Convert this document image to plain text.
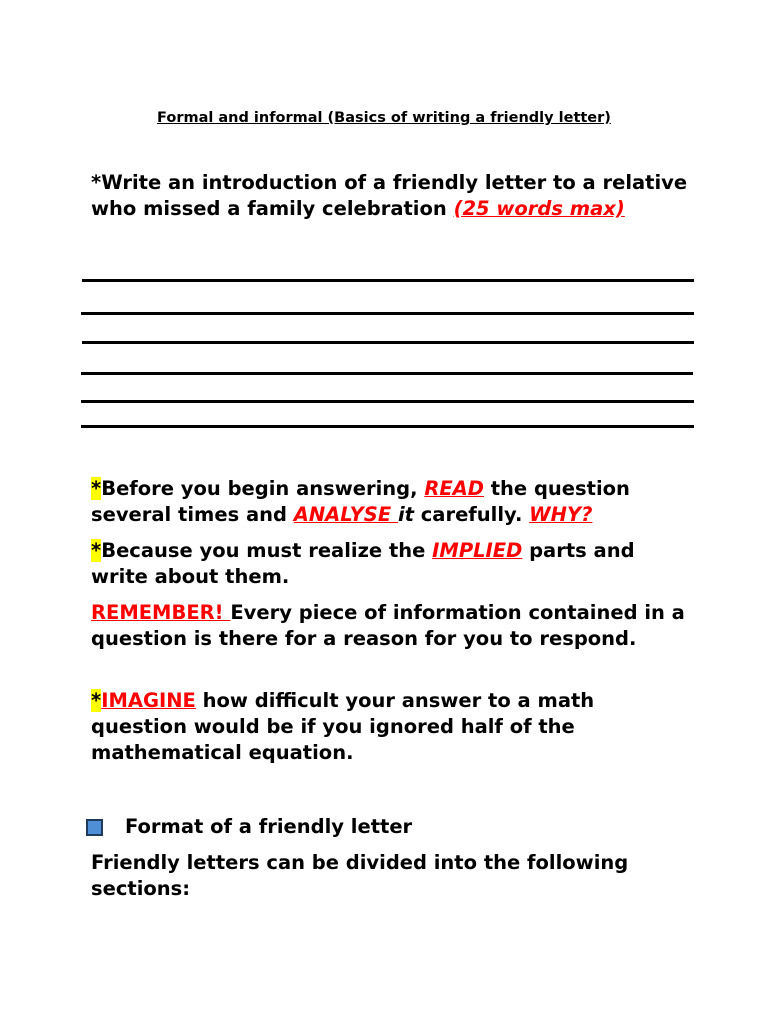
Formal and informal (Basics of writing a friendly letter)

*Write an introduction of a friendly letter to a relative who missed a family celebration (25 words max)

*Before you begin answering, READ the question several times and ANALYSE it carefully. WHY?

*Because you must realize the IMPLIED parts and write about them.

REMEMBER! Every piece of information contained in a question is there for a reason for you to respond.

*IMAGINE how difficult your answer to a math question would be if you ignored half of the mathematical equation.

Format of a friendly letter

Friendly letters can be divided into the following sections:
